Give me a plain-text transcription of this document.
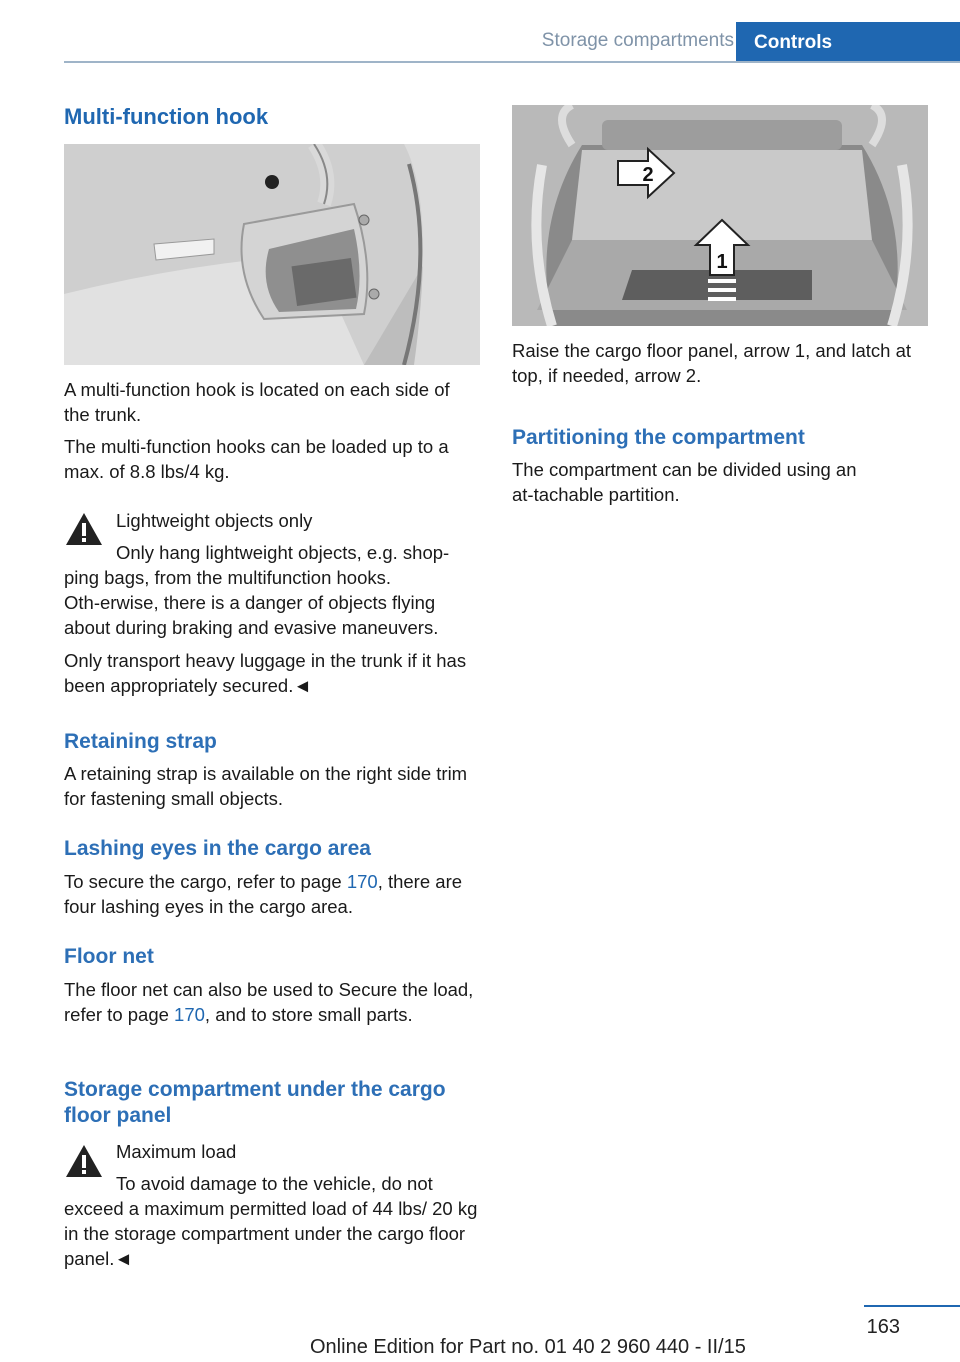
Storage compartments	Controls
Multi-function hook

A multi-function hook is located on each side of the trunk.

The multi-function hooks can be loaded up to a max. of 8.8 lbs/4 kg.

Lightweight objects only

Only hang lightweight objects, e.g. shop‑

ping bags, from the multifunction hooks. Oth‑erwise, there is a danger of objects flying about during braking and evasive maneuvers.

Only transport heavy luggage in the trunk if it has been appropriately secured.◄

Retaining strap

A retaining strap is available on the right side trim for fastening small objects.

Lashing eyes in the cargo area

To secure the cargo, refer to page 170, there are four lashing eyes in the cargo area.

Floor net

The floor net can also be used to Secure the load, refer to page 170, and to store small parts.

Storage compartment under the cargo floor panel

Maximum load

To avoid damage to the vehicle, do not

exceed a maximum permitted load of 44 lbs/ 20 kg in the storage compartment under the cargo floor panel.◄

2
1

Raise the cargo floor panel, arrow 1, and latch at top, if needed, arrow 2.

Partitioning the compartment

The compartment can be divided using an at‑tachable partition.

163
Online Edition for Part no. 01 40 2 960 440 - II/15
